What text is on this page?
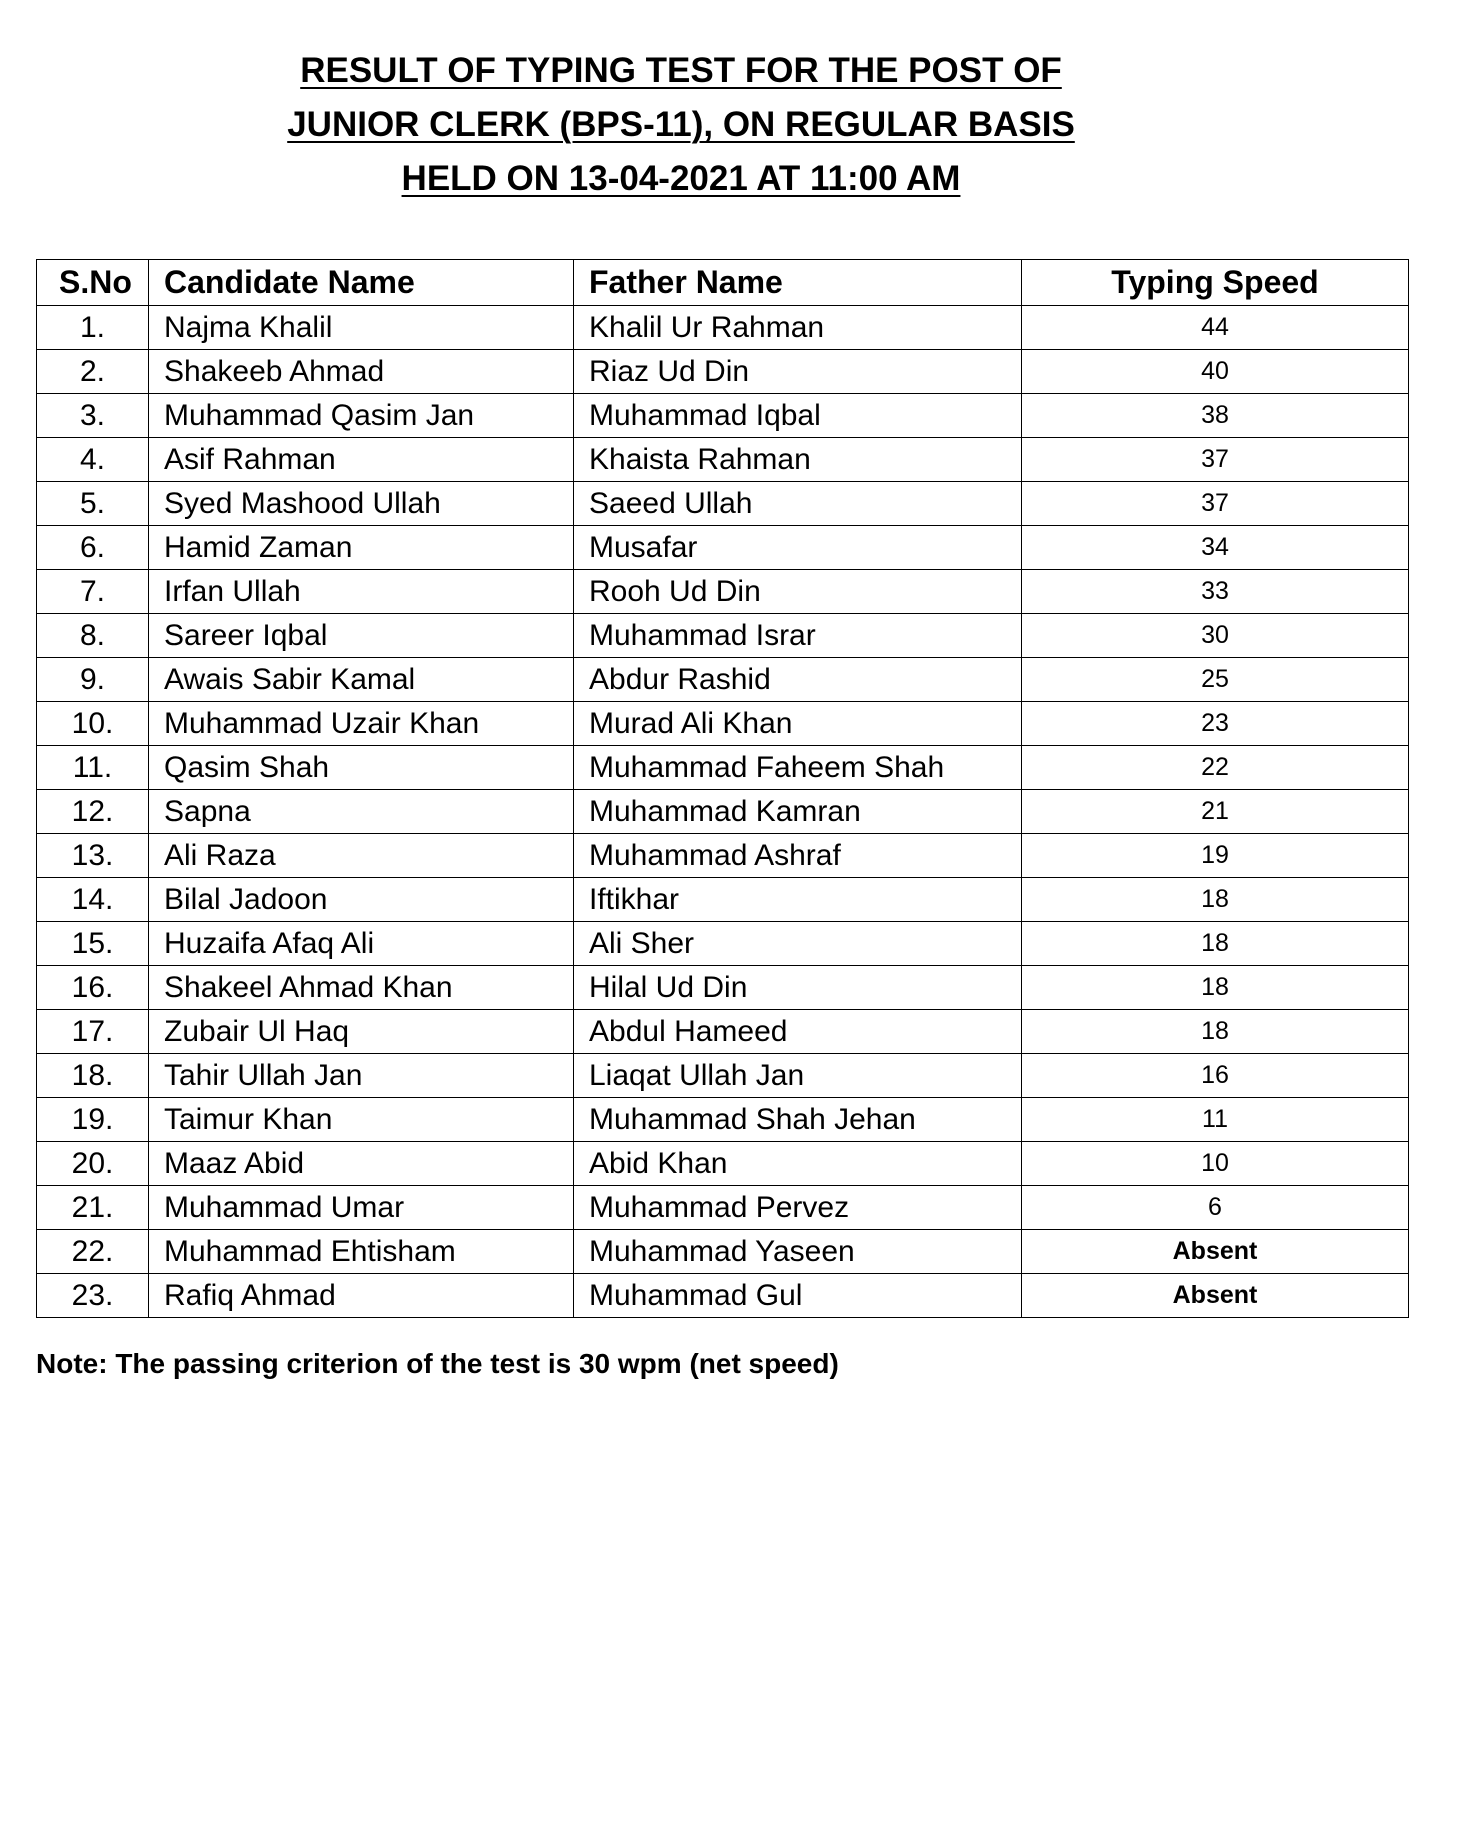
RESULT OF TYPING TEST FOR THE POST OF
JUNIOR CLERK (BPS-11), ON REGULAR BASIS
HELD ON 13-04-2021 AT 11:00 AM
S.No	Candidate Name	Father Name	Typing Speed
1.	Najma Khalil	Khalil Ur Rahman	44
2.	Shakeeb Ahmad	Riaz Ud Din	40
3.	Muhammad Qasim Jan	Muhammad Iqbal	38
4.	Asif Rahman	Khaista Rahman	37
5.	Syed Mashood Ullah	Saeed Ullah	37
6.	Hamid Zaman	Musafar	34
7.	Irfan Ullah	Rooh Ud Din	33
8.	Sareer Iqbal	Muhammad Israr	30
9.	Awais Sabir Kamal	Abdur Rashid	25
10.	Muhammad Uzair Khan	Murad Ali Khan	23
11.	Qasim Shah	Muhammad Faheem Shah	22
12.	Sapna	Muhammad Kamran	21
13.	Ali Raza	Muhammad Ashraf	19
14.	Bilal Jadoon	Iftikhar	18
15.	Huzaifa Afaq Ali	Ali Sher	18
16.	Shakeel Ahmad Khan	Hilal Ud Din	18
17.	Zubair Ul Haq	Abdul Hameed	18
18.	Tahir Ullah Jan	Liaqat Ullah Jan	16
19.	Taimur Khan	Muhammad Shah Jehan	11
20.	Maaz Abid	Abid Khan	10
21.	Muhammad Umar	Muhammad Pervez	6
22.	Muhammad Ehtisham	Muhammad Yaseen	Absent
23.	Rafiq Ahmad	Muhammad Gul	Absent
Note: The passing criterion of the test is 30 wpm (net speed)
